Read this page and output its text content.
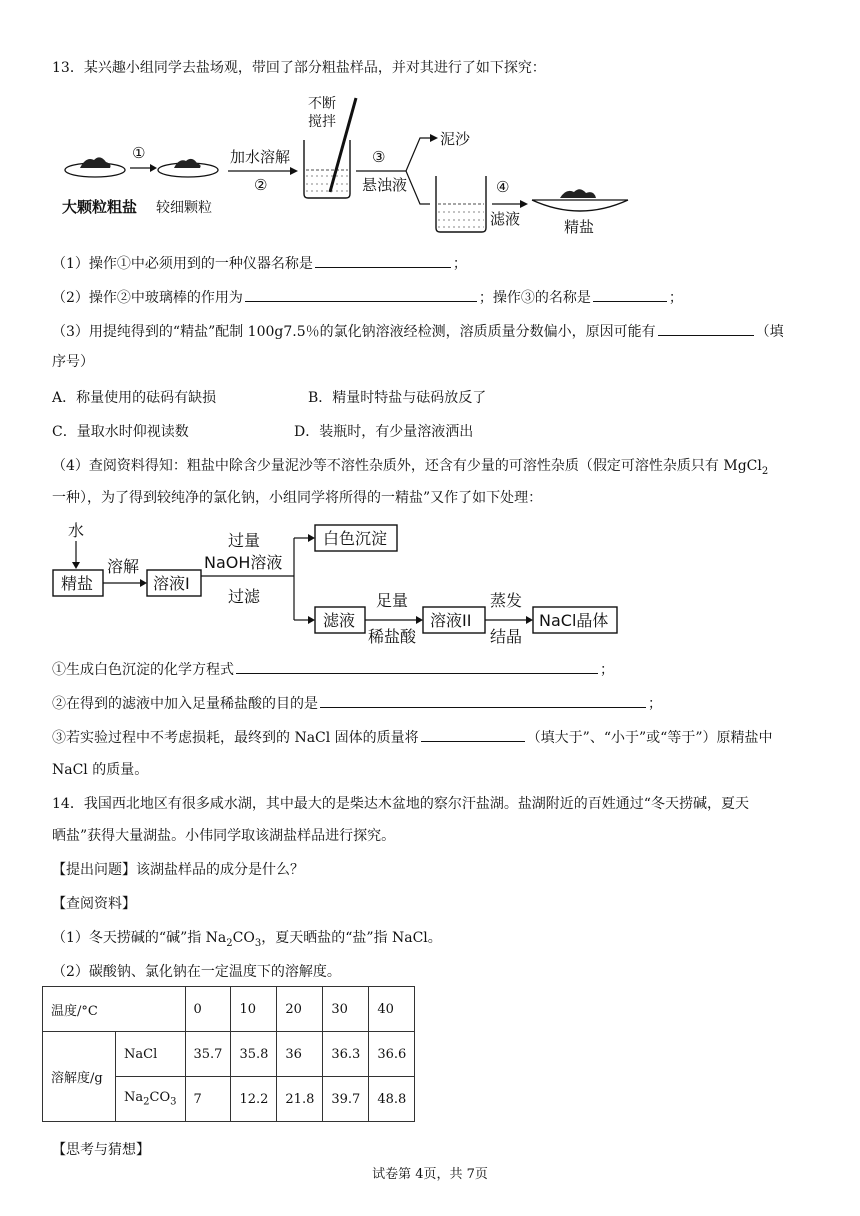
13．某兴趣小组同学去盐场观，带回了部分粗盐样品，并对其进行了如下探究：
①
大颗粒粗盐 较细颗粒
加水溶解
②
不断
搅拌
③
悬浊液
泥沙
④
滤液	精盐
（1）操作①中必须用到的一种仪器名称是	；
（2）操作②中玻璃棒的作用为	；操作③的名称是	；
（3）用提纯得到的“精盐”配制 100g7.5％的氯化钠溶液经检测，溶质质量分数偏小，原因可能有	（填
序号）
A．称量使用的砝码有缺损	B．精量时特盐与砝码放反了
C．量取水时仰视读数	D．装瓶时，有少量溶液洒出
（4）查阅资料得知：粗盐中除含少量泥沙等不溶性杂质外，还含有少量的可溶性杂质（假定可溶性杂质只有 MgCl$_2$
一种），为了得到较纯净的氯化钠，小组同学将所得的一精盐”又作了如下处理：
水
精盐
溶解
溶液I
过量
NaOH溶液
过滤
白色沉淀
滤液
足量
稀盐酸
溶液II
蒸发
结晶
NaCl晶体
①生成白色沉淀的化学方程式	；
②在得到的滤液中加入足量稀盐酸的目的是	；
③若实验过程中不考虑损耗，最终到的 NaCl 固体的质量将	（填大于”、“小于”或“等于”）原精盐中
NaCl 的质量。
14．我国西北地区有很多咸水湖，其中最大的是柴达木盆地的察尔汗盐湖。盐湖附近的百姓通过“冬天捞碱，夏天
晒盐”获得大量湖盐。小伟同学取该湖盐样品进行探究。
【提出问题】该湖盐样品的成分是什么？
【查阅资料】
（1）冬天捞碱的“碱”指 $Na_2CO_3$，夏天晒盐的“盐”指 NaCl。
（2）碳酸钠、氯化钠在一定温度下的溶解度。
温度/°C		0	10	20	30	40
溶解度/g	NaCl	35.7	35.8	36	36.3	36.6
	$Na_2CO_3$	7	12.2	21.8	39.7	48.8
【思考与猜想】
试卷第 4页，共 7页
